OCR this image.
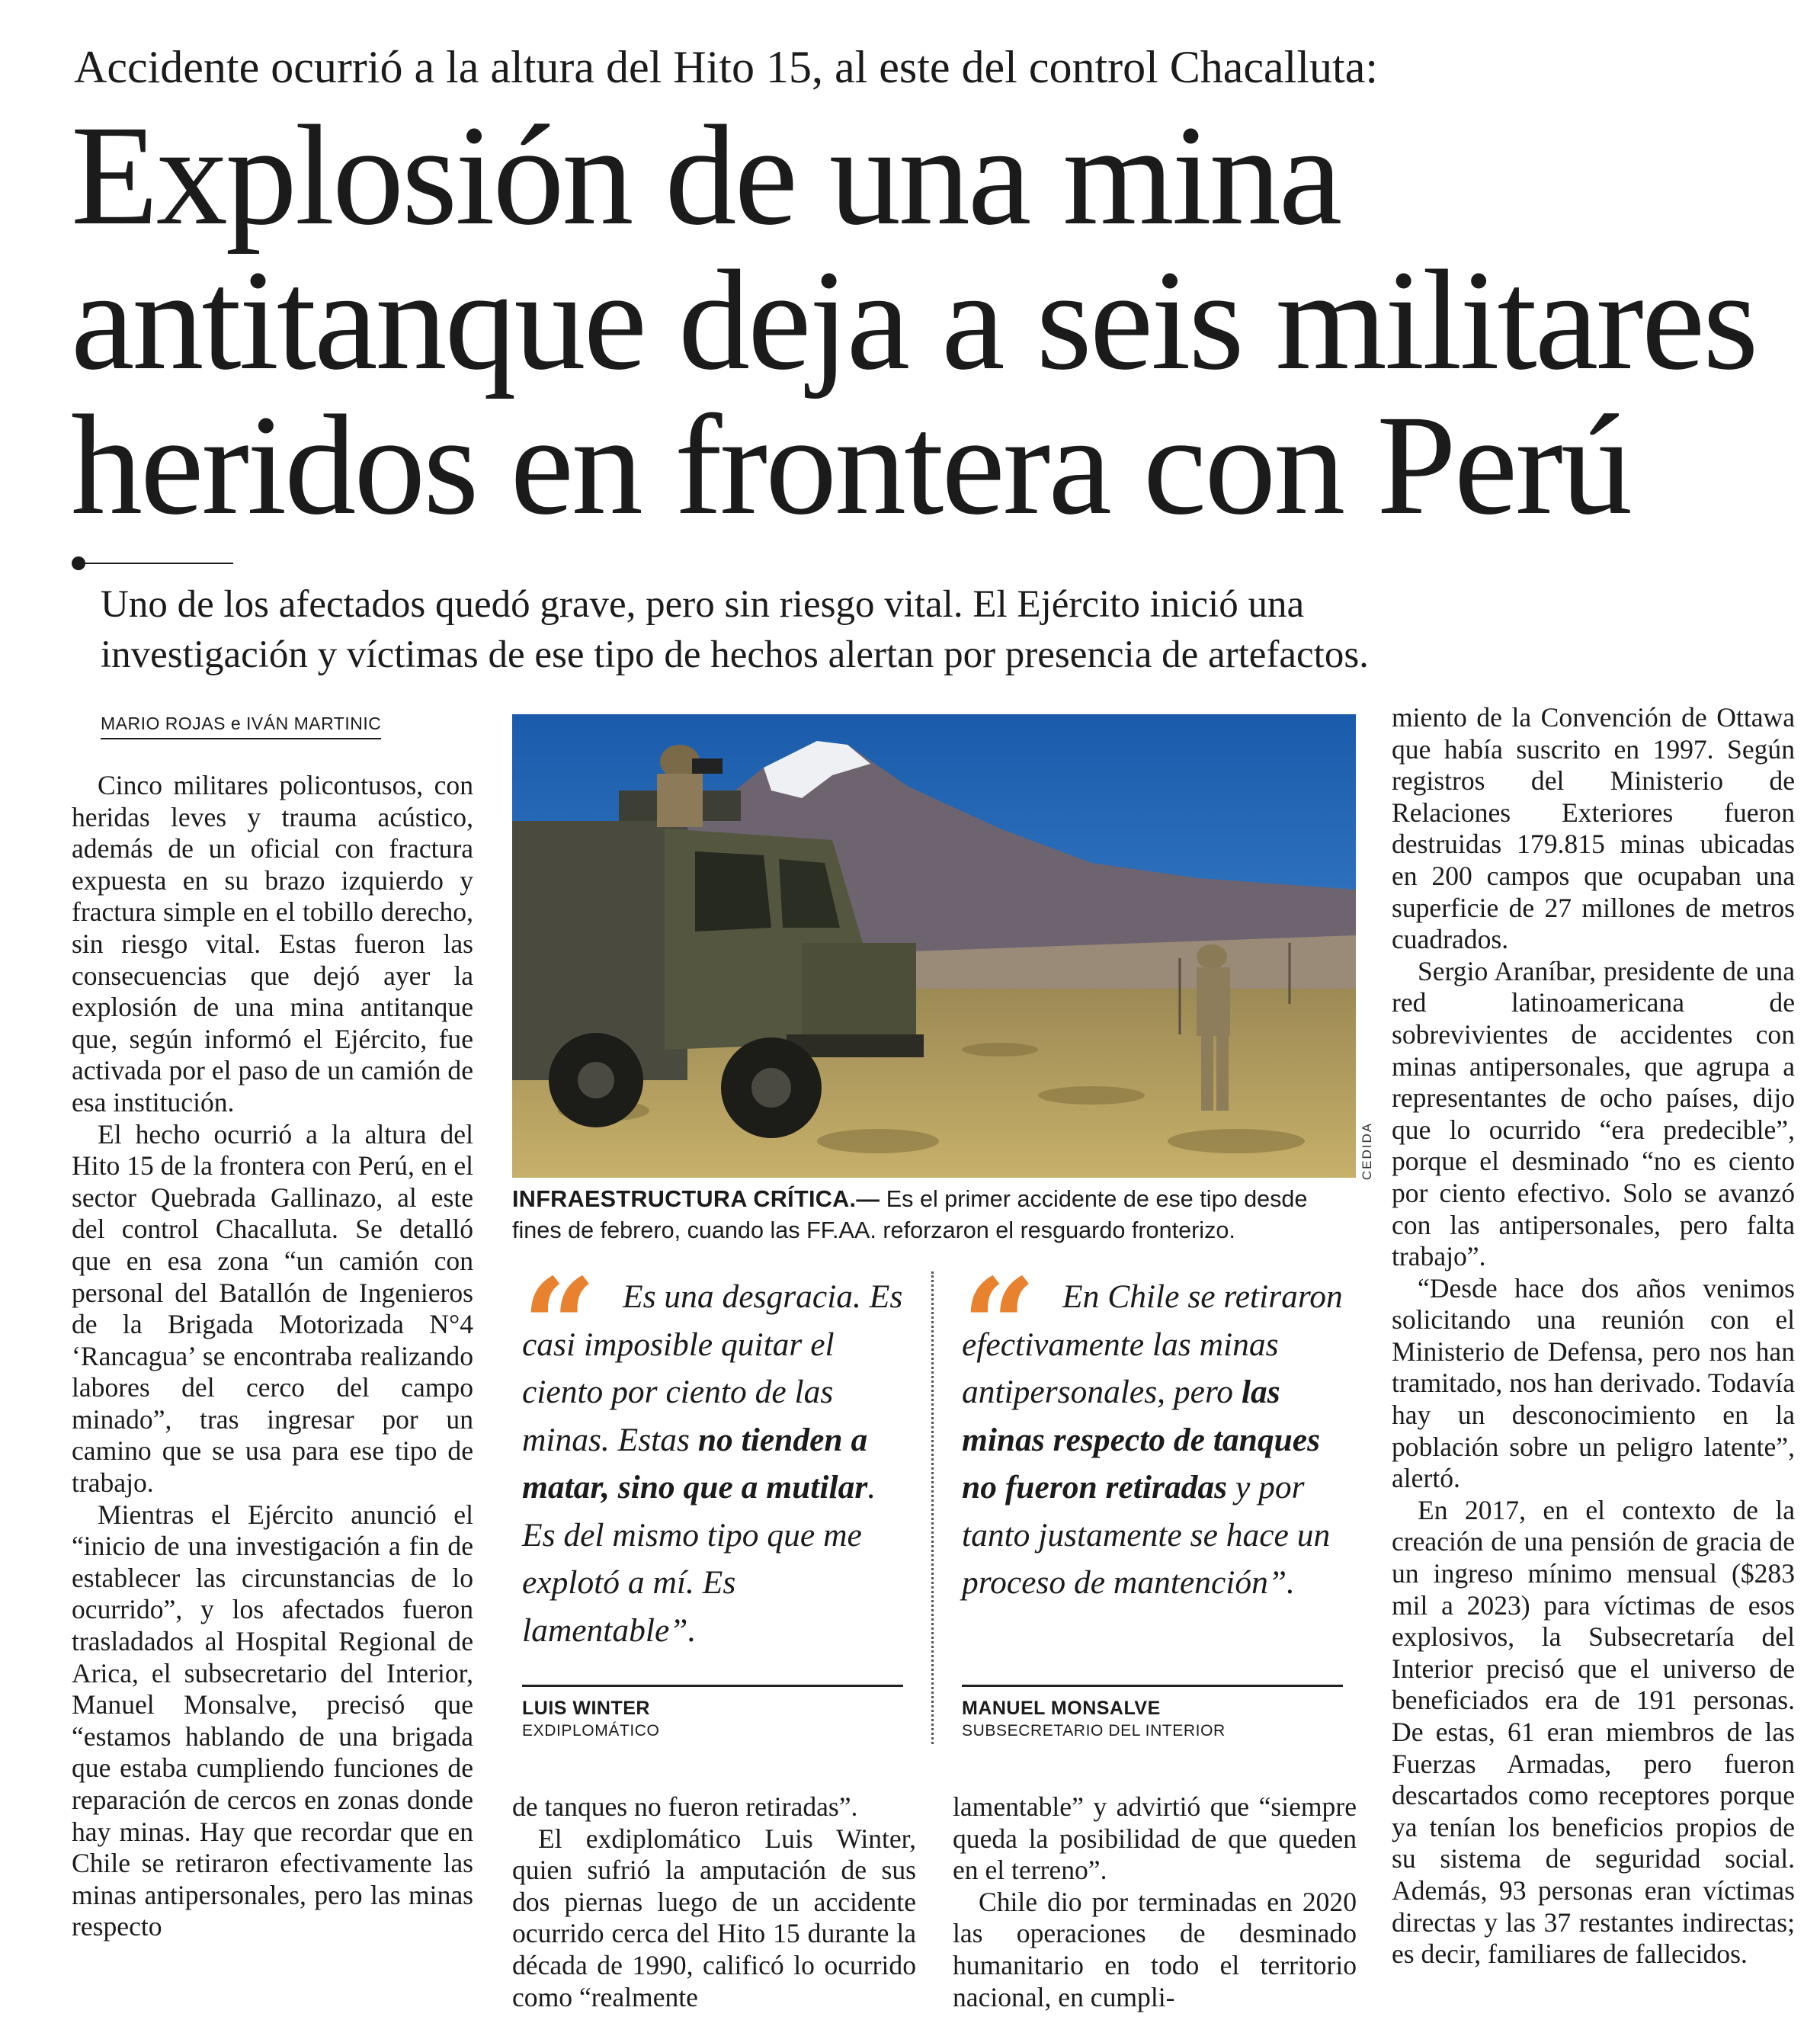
Accidente ocurrió a la altura del Hito 15, al este del control Chacalluta:
Explosión de una mina
antitanque deja a seis militares
heridos en frontera con Perú
Uno de los afectados quedó grave, pero sin riesgo vital. El Ejército inició una
investigación y víctimas de ese tipo de hechos alertan por presencia de artefactos.
MARIO ROJAS e IVÁN MARTINIC

Cinco militares policontusos, con heridas leves y trauma acústico, además de un oficial con fractura expuesta en su brazo izquierdo y fractura simple en el tobillo derecho, sin riesgo vital. Estas fueron las consecuencias que dejó ayer la explosión de una mina antitanque que, según informó el Ejército, fue activada por el paso de un camión de esa institución.

El hecho ocurrió a la altura del Hito 15 de la frontera con Perú, en el sector Quebrada Gallinazo, al este del control Chacalluta. Se detalló que en esa zona “un camión con personal del Batallón de Ingenieros de la Brigada Motorizada N°4 ‘Rancagua’ se encontraba realizando labores del cerco del campo minado”, tras ingresar por un camino que se usa para ese tipo de trabajo.

Mientras el Ejército anunció el “inicio de una investigación a fin de establecer las circunstancias de lo ocurrido”, y los afectados fueron trasladados al Hospital Regional de Arica, el subsecretario del Interior, Manuel Monsalve, precisó que “estamos hablando de una brigada que estaba cumpliendo funciones de reparación de cercos en zonas donde hay minas. Hay que recordar que en Chile se retiraron efectivamente las minas antipersonales, pero las minas respecto

CEDIDA
INFRAESTRUCTURA CRÍTICA.— Es el primer accidente de ese tipo desde fines de febrero, cuando las FF.AA. reforzaron el resguardo fronterizo.
“ Es una desgracia. Es casi imposible quitar el ciento por ciento de las minas. Estas no tienden a matar, sino que a mutilar. Es del mismo tipo que me explotó a mí. Es lamentable”.

LUIS WINTER
EXDIPLOMÁTICO
“ En Chile se retiraron efectivamente las minas antipersonales, pero las minas respecto de tanques no fueron retiradas y por tanto justamente se hace un proceso de mantención”.

MANUEL MONSALVE
SUBSECRETARIO DEL INTERIOR

de tanques no fueron retiradas”.

El exdiplomático Luis Winter, quien sufrió la amputación de sus dos piernas luego de un accidente ocurrido cerca del Hito 15 durante la década de 1990, calificó lo ocurrido como “realmente

lamentable” y advirtió que “siempre queda la posibilidad de que queden en el terreno”.

Chile dio por terminadas en 2020 las operaciones de desminado humanitario en todo el territorio nacional, en cumpli-

miento de la Convención de Ottawa que había suscrito en 1997. Según registros del Ministerio de Relaciones Exteriores fueron destruidas 179.815 minas ubicadas en 200 campos que ocupaban una superficie de 27 millones de metros cuadrados.

Sergio Araníbar, presidente de una red latinoamericana de sobrevivientes de accidentes con minas antipersonales, que agrupa a representantes de ocho países, dijo que lo ocurrido “era predecible”, porque el desminado “no es ciento por ciento efectivo. Solo se avanzó con las antipersonales, pero falta trabajo”.

“Desde hace dos años venimos solicitando una reunión con el Ministerio de Defensa, pero nos han tramitado, nos han derivado. Todavía hay un desconocimiento en la población sobre un peligro latente”, alertó.

En 2017, en el contexto de la creación de una pensión de gracia de un ingreso mínimo mensual ($283 mil a 2023) para víctimas de esos explosivos, la Subsecretaría del Interior precisó que el universo de beneficiados era de 191 personas. De estas, 61 eran miembros de las Fuerzas Armadas, pero fueron descartados como receptores porque ya tenían los beneficios propios de su sistema de seguridad social. Además, 93 personas eran víctimas directas y las 37 restantes indirectas; es decir, familiares de fallecidos.
